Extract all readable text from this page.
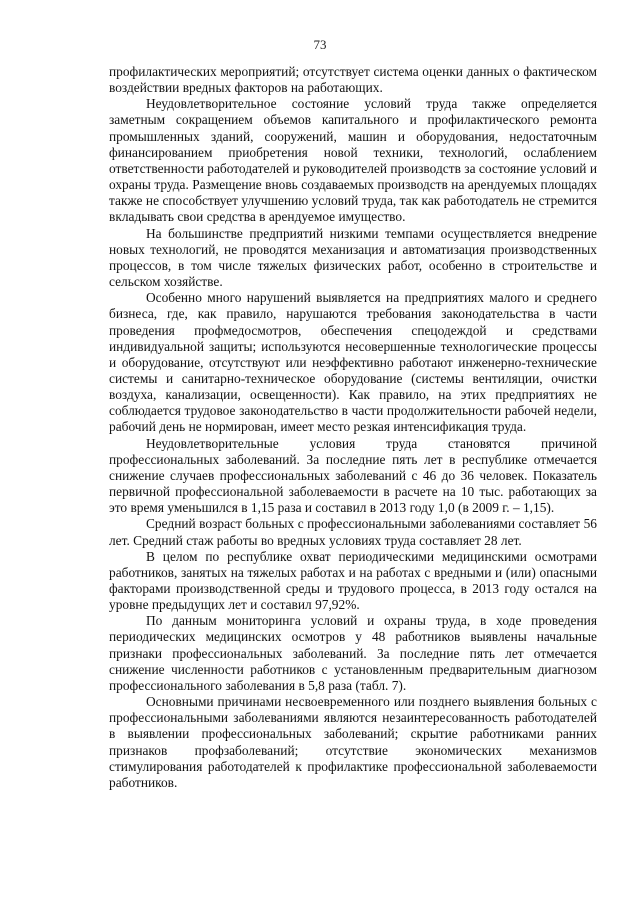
73

профилактических мероприятий; отсутствует система оценки данных о фактическом воздействии вредных факторов на работающих.

Неудовлетворительное состояние условий труда также определяется заметным сокращением объемов капитального и профилактического ремонта промышленных зданий, сооружений, машин и оборудования, недостаточным финансированием приобретения новой техники, технологий, ослаблением ответственности работодателей и руководителей производств за состояние условий и охраны труда. Размещение вновь создаваемых производств на арендуемых площадях также не способствует улучшению условий труда, так как работодатель не стремится вкладывать свои средства в арендуемое имущество.

На большинстве предприятий низкими темпами осуществляется внедрение новых технологий, не проводятся механизация и автоматизация производственных процессов, в том числе тяжелых физических работ, особенно в строительстве и сельском хозяйстве.

Особенно много нарушений выявляется на предприятиях малого и среднего бизнеса, где, как правило, нарушаются требования законодательства в части проведения профмедосмотров, обеспечения спецодеждой и средствами индивидуальной защиты; используются несовершенные технологические процессы и оборудование, отсутствуют или неэффективно работают инженерно-технические системы и санитарно-техническое оборудование (системы вентиляции, очистки воздуха, канализации, освещенности). Как правило, на этих предприятиях не соблюдается трудовое законодательство в части продолжительности рабочей недели, рабочий день не нормирован, имеет место резкая интенсификация труда.

Неудовлетворительные условия труда становятся причиной профессиональных заболеваний. За последние пять лет в республике отмечается снижение случаев профессиональных заболеваний с 46 до 36 человек. Показатель первичной профессиональной заболеваемости в расчете на 10 тыс. работающих за это время уменьшился в 1,15 раза и составил в 2013 году 1,0 (в 2009 г. – 1,15).

Средний возраст больных с профессиональными заболеваниями составляет 56 лет. Средний стаж работы во вредных условиях труда составляет 28 лет.

В целом по республике охват периодическими медицинскими осмотрами работников, занятых на тяжелых работах и на работах с вредными и (или) опасными факторами производственной среды и трудового процесса, в 2013 году остался на уровне предыдущих лет и составил 97,92%.

По данным мониторинга условий и охраны труда, в ходе проведения периодических медицинских осмотров у 48 работников выявлены начальные признаки профессиональных заболеваний. За последние пять лет отмечается снижение численности работников с установленным предварительным диагнозом профессионального заболевания в 5,8 раза (табл. 7).

Основными причинами несвоевременного или позднего выявления больных с профессиональными заболеваниями являются незаинтересованность работодателей в выявлении профессиональных заболеваний; скрытие работниками ранних признаков профзаболеваний; отсутствие экономических механизмов стимулирования работодателей к профилактике профессиональной заболеваемости работников.
